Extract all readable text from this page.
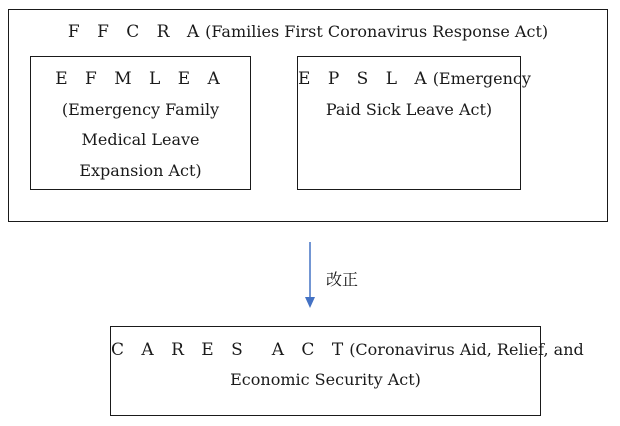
F F C R A(Families First Coronavirus Response Act)
E F M L E A
(Emergency Family
Medical Leave
Expansion Act)
E P S L A(Emergency
Paid Sick Leave Act)
改正
C A R E S　A C T(Coronavirus Aid, Relief, and
Economic Security Act)
